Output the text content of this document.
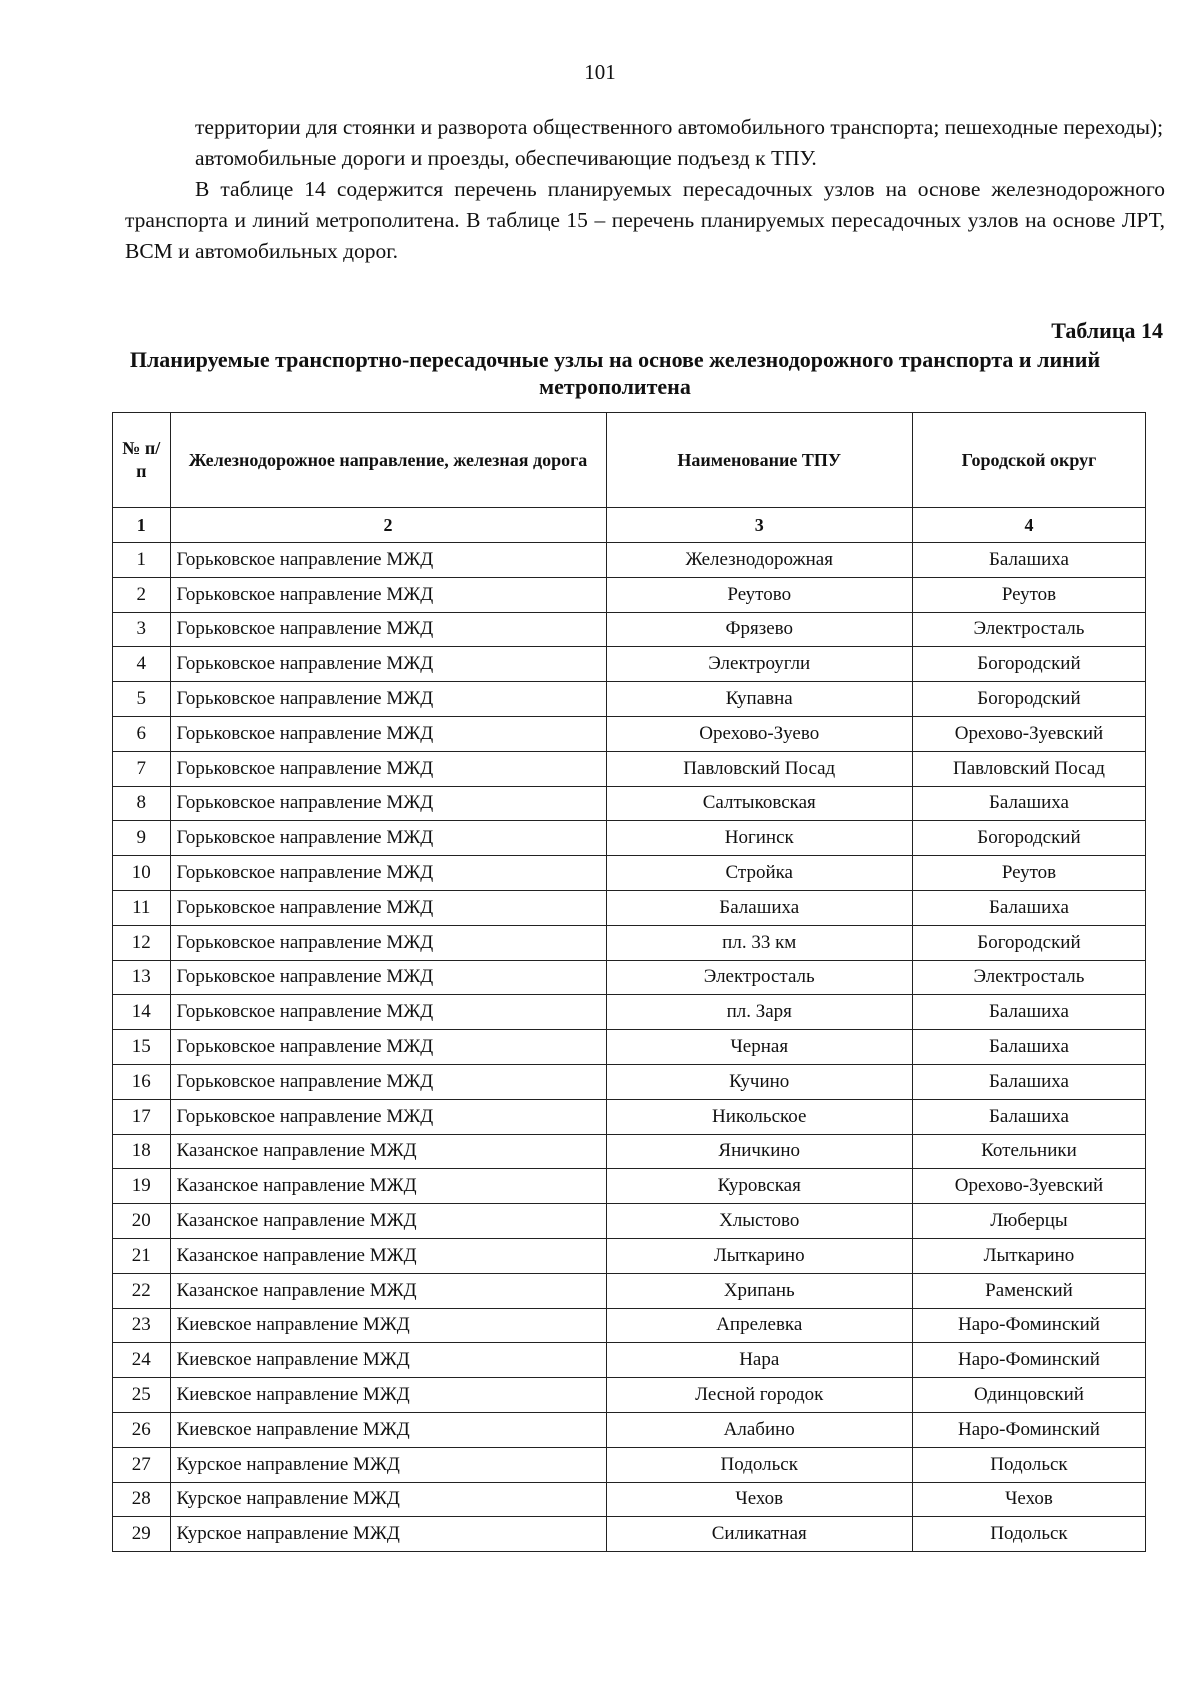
101

территории для стоянки и разворота общественного автомобильного транспорта; пешеходные переходы);

автомобильные дороги и проезды, обеспечивающие подъезд к ТПУ.

В таблице 14 содержится перечень планируемых пересадочных узлов на основе железнодорожного транспорта и линий метрополитена. В таблице 15 – перечень планируемых пересадочных узлов на основе ЛРТ, ВСМ и автомобильных дорог.

Таблица 14
Планируемые транспортно-пересадочные узлы на основе железнодорожного транспорта и линий метрополитена
№ п/п	Железнодорожное направление, железная дорога	Наименование ТПУ	Городской округ
1	2	3	4
1	Горьковское направление МЖД	Железнодорожная	Балашиха
2	Горьковское направление МЖД	Реутово	Реутов
3	Горьковское направление МЖД	Фрязево	Электросталь
4	Горьковское направление МЖД	Электроугли	Богородский
5	Горьковское направление МЖД	Купавна	Богородский
6	Горьковское направление МЖД	Орехово-Зуево	Орехово-Зуевский
7	Горьковское направление МЖД	Павловский Посад	Павловский Посад
8	Горьковское направление МЖД	Салтыковская	Балашиха
9	Горьковское направление МЖД	Ногинск	Богородский
10	Горьковское направление МЖД	Стройка	Реутов
11	Горьковское направление МЖД	Балашиха	Балашиха
12	Горьковское направление МЖД	пл. 33 км	Богородский
13	Горьковское направление МЖД	Электросталь	Электросталь
14	Горьковское направление МЖД	пл. Заря	Балашиха
15	Горьковское направление МЖД	Черная	Балашиха
16	Горьковское направление МЖД	Кучино	Балашиха
17	Горьковское направление МЖД	Никольское	Балашиха
18	Казанское направление МЖД	Яничкино	Котельники
19	Казанское направление МЖД	Куровская	Орехово-Зуевский
20	Казанское направление МЖД	Хлыстово	Люберцы
21	Казанское направление МЖД	Лыткарино	Лыткарино
22	Казанское направление МЖД	Хрипань	Раменский
23	Киевское направление МЖД	Апрелевка	Наро-Фоминский
24	Киевское направление МЖД	Нара	Наро-Фоминский
25	Киевское направление МЖД	Лесной городок	Одинцовский
26	Киевское направление МЖД	Алабино	Наро-Фоминский
27	Курское направление МЖД	Подольск	Подольск
28	Курское направление МЖД	Чехов	Чехов
29	Курское направление МЖД	Силикатная	Подольск
